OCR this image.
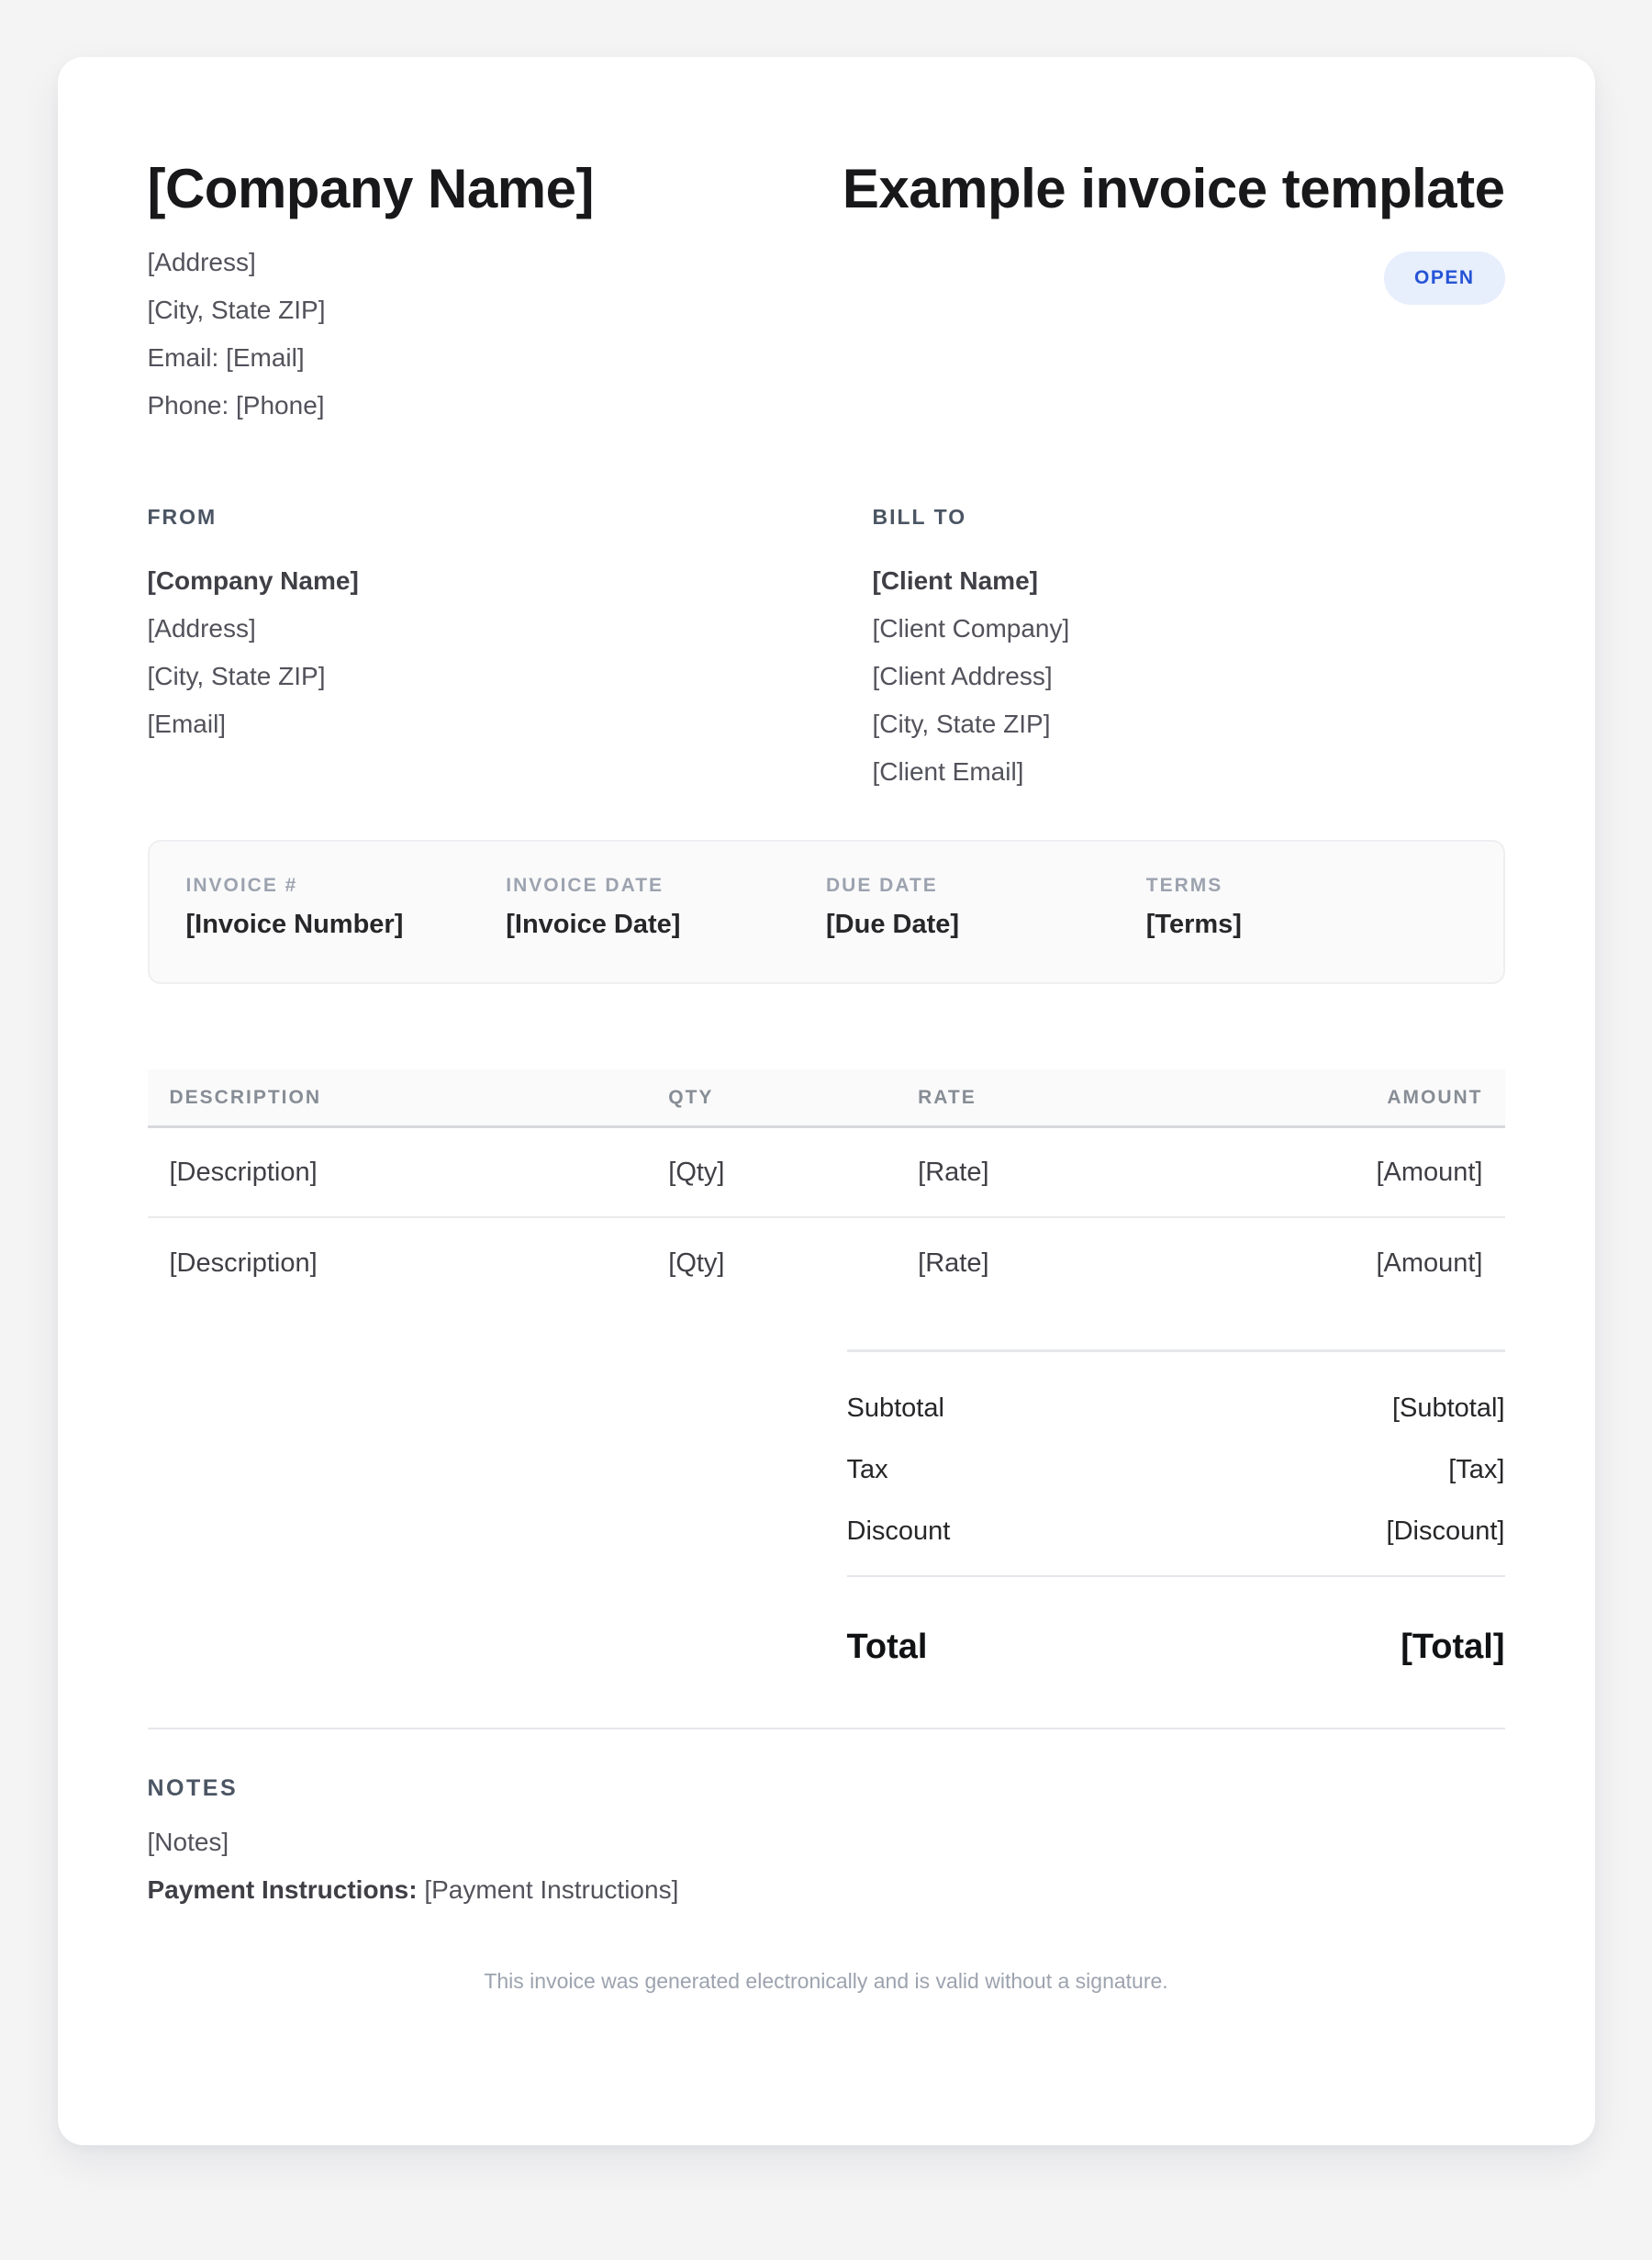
[Company Name]
[Address]
[City, State ZIP]
Email: [Email]
Phone: [Phone]
Example invoice template
OPEN
FROM
[Company Name]
[Address]
[City, State ZIP]
[Email]
BILL TO
[Client Name]
[Client Company]
[Client Address]
[City, State ZIP]
[Client Email]
INVOICE #
[Invoice Number]
INVOICE DATE
[Invoice Date]
DUE DATE
[Due Date]
TERMS
[Terms]
DESCRIPTION	QTY	RATE	AMOUNT
[Description]	[Qty]	[Rate]	[Amount]
[Description]	[Qty]	[Rate]	[Amount]
Subtotal	[Subtotal]
Tax	[Tax]
Discount	[Discount]
Total	[Total]
NOTES
[Notes]
Payment Instructions: [Payment Instructions]
This invoice was generated electronically and is valid without a signature.
